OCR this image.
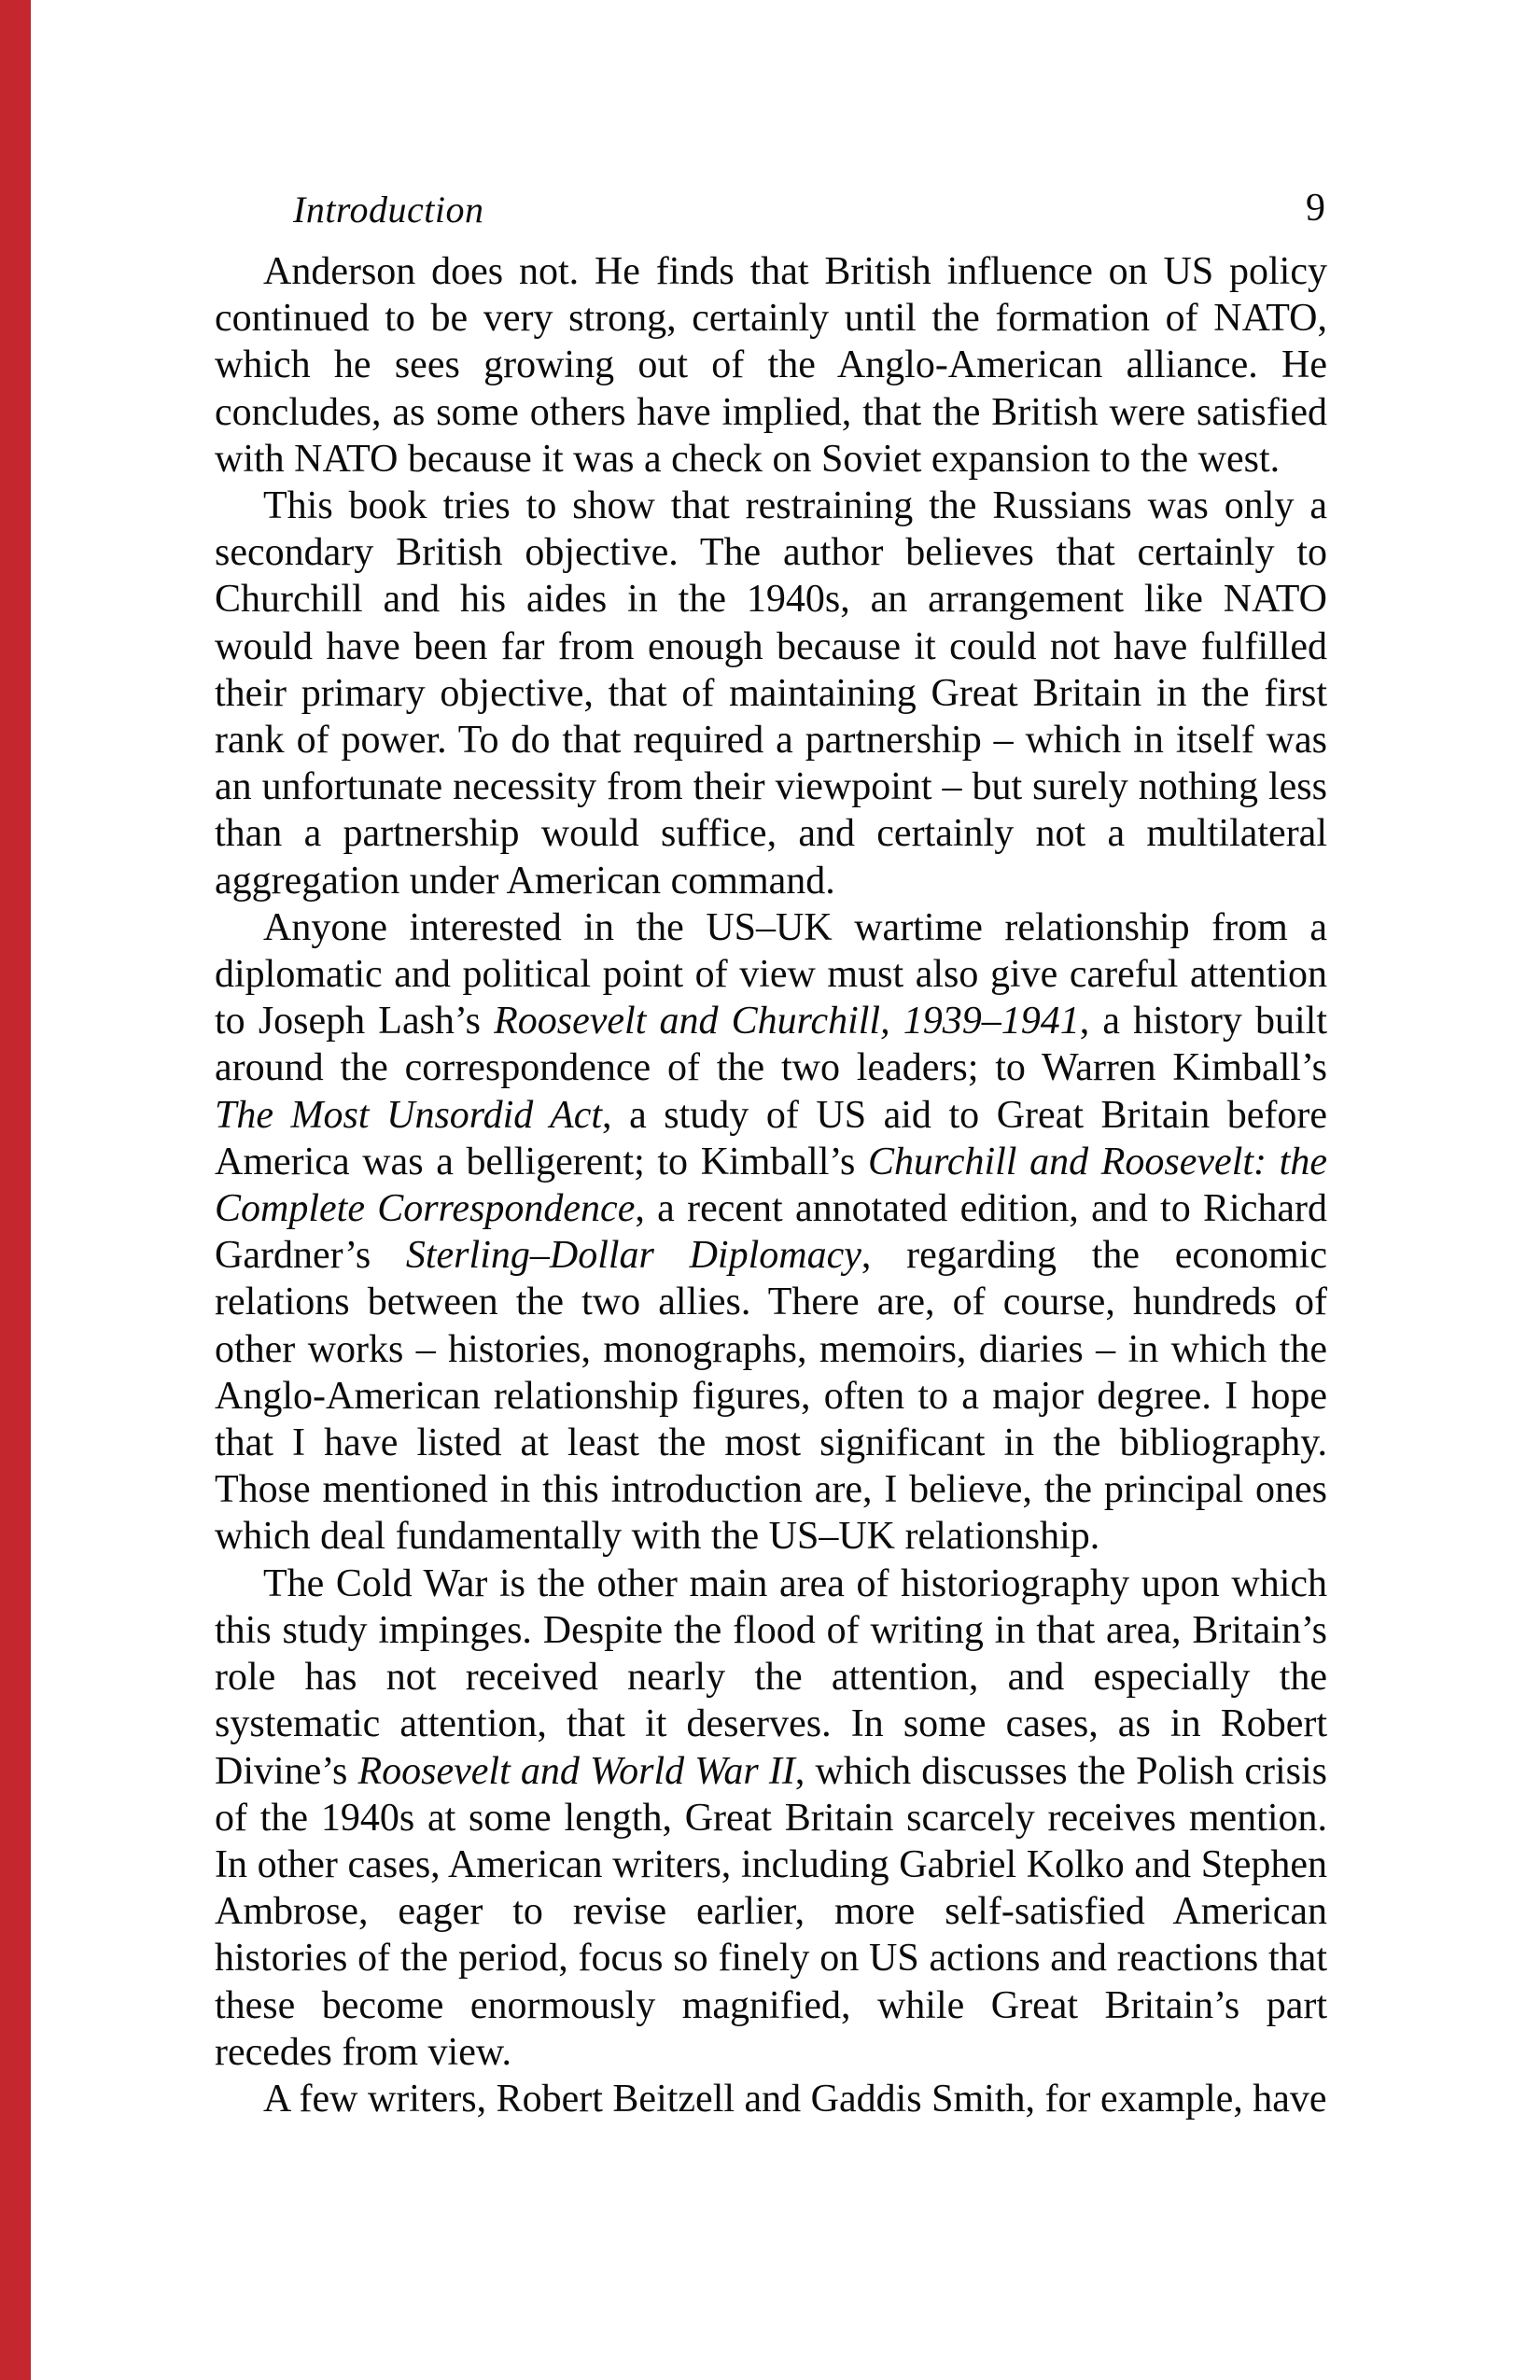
Introduction	9

Anderson does not. He finds that British influence on US policy continued to be very strong, certainly until the formation of NATO, which he sees growing out of the Anglo-American alliance. He concludes, as some others have implied, that the British were satisfied with NATO because it was a check on Soviet expansion to the west.

This book tries to show that restraining the Russians was only a secondary British objective. The author believes that certainly to Churchill and his aides in the 1940s, an arrangement like NATO would have been far from enough because it could not have fulfilled their primary objective, that of maintaining Great Britain in the first rank of power. To do that required a partnership – which in itself was an unfortunate necessity from their viewpoint – but surely nothing less than a partnership would suffice, and certainly not a multilateral aggregation under American command.

Anyone interested in the US–UK wartime relationship from a diplomatic and political point of view must also give careful attention to Joseph Lash’s Roosevelt and Churchill, 1939–1941, a history built around the correspondence of the two leaders; to Warren Kimball’s The Most Unsordid Act, a study of US aid to Great Britain before America was a belligerent; to Kimball’s Churchill and Roosevelt: the Complete Correspondence, a recent annotated edition, and to Richard Gardner’s Sterling–Dollar Diplomacy, regarding the economic relations between the two allies. There are, of course, hundreds of other works – histories, monographs, memoirs, diaries – in which the Anglo-American relationship figures, often to a major degree. I hope that I have listed at least the most significant in the bibliography. Those mentioned in this introduction are, I believe, the principal ones which deal fundamentally with the US–UK relationship.

The Cold War is the other main area of historiography upon which this study impinges. Despite the flood of writing in that area, Britain’s role has not received nearly the attention, and especially the systematic attention, that it deserves. In some cases, as in Robert Divine’s Roosevelt and World War II, which discusses the Polish crisis of the 1940s at some length, Great Britain scarcely receives mention. In other cases, American writers, including Gabriel Kolko and Stephen Ambrose, eager to revise earlier, more self-satisfied American histories of the period, focus so finely on US actions and reactions that these become enormously magnified, while Great Britain’s part recedes from view.

A few writers, Robert Beitzell and Gaddis Smith, for example, have
